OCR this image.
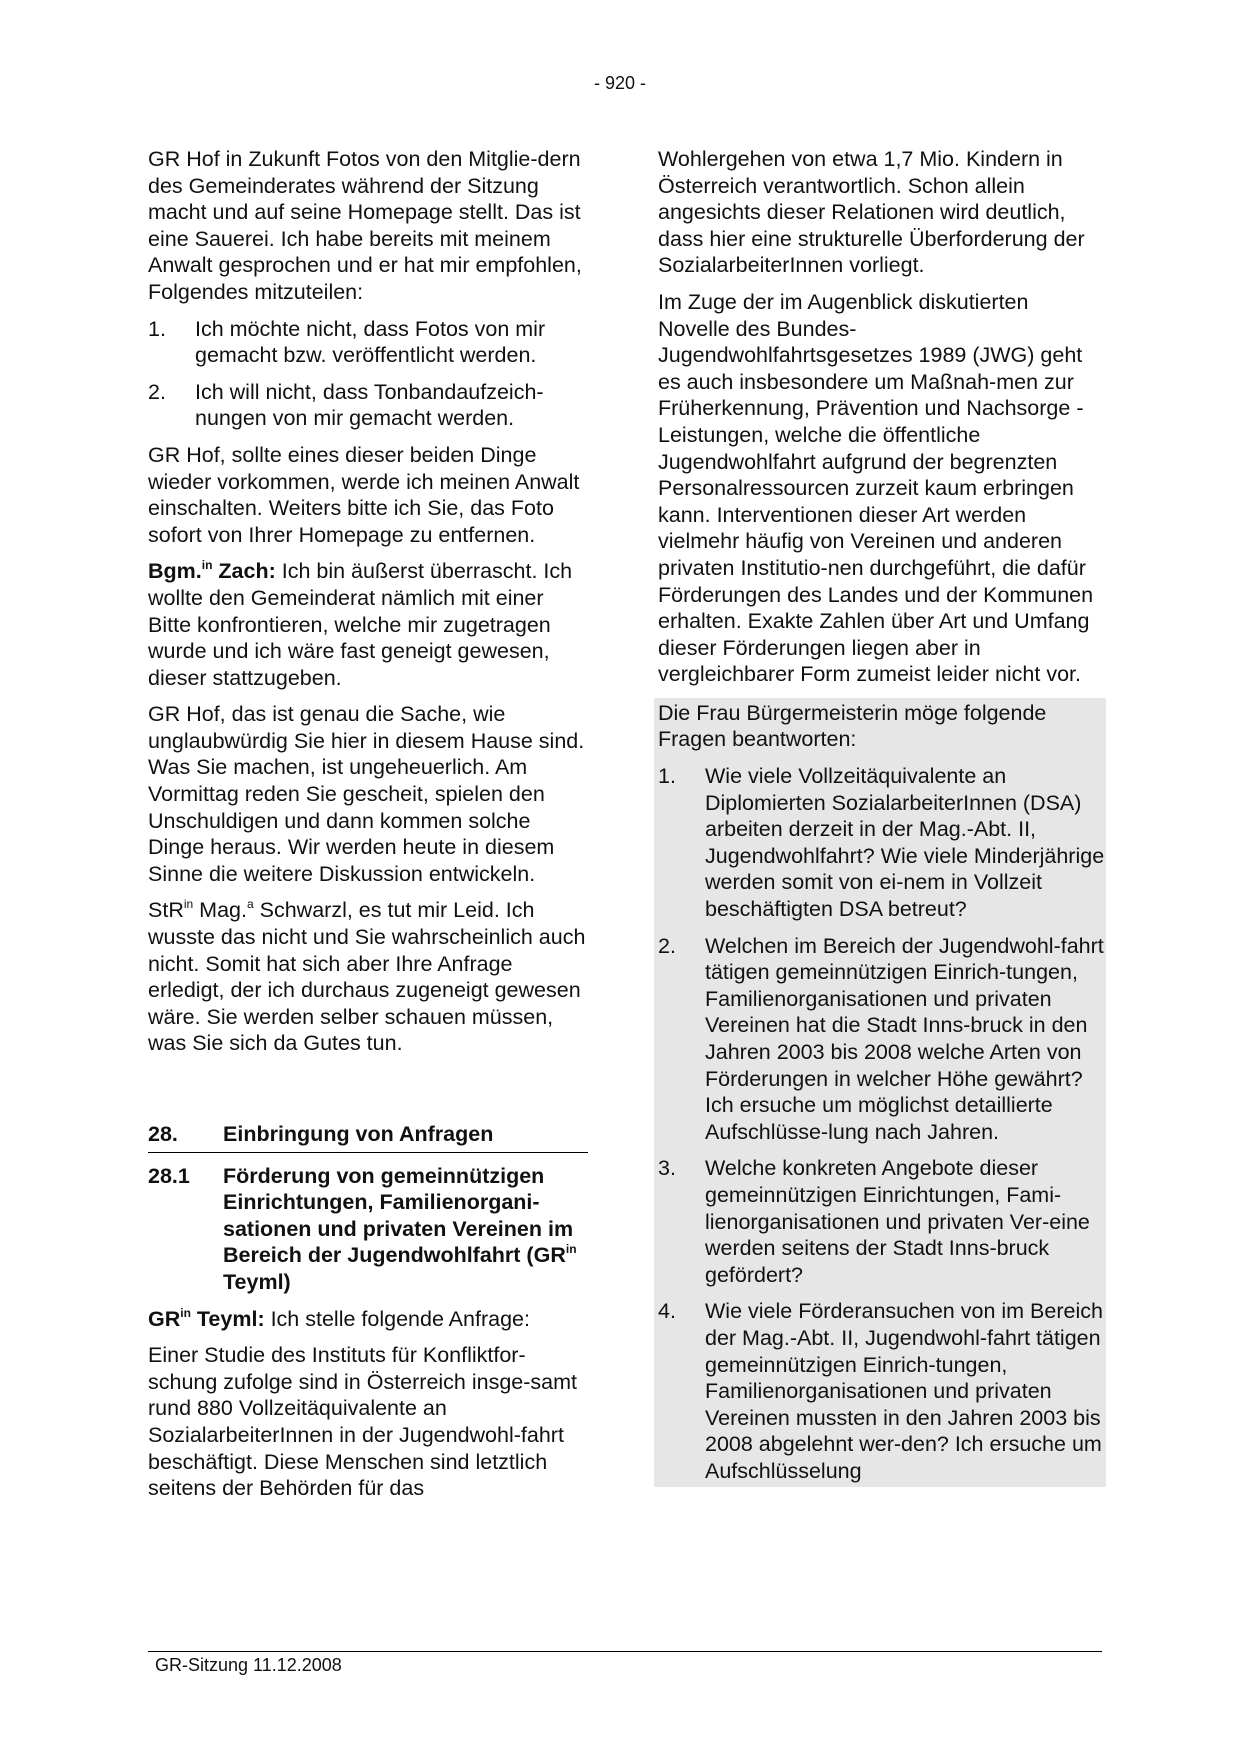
- 920 -

GR Hof in Zukunft Fotos von den Mitglie-dern des Gemeinderates während der Sitzung macht und auf seine Homepage stellt. Das ist eine Sauerei. Ich habe bereits mit meinem Anwalt gesprochen und er hat mir empfohlen, Folgendes mitzuteilen:

1.	Ich möchte nicht, dass Fotos von mir gemacht bzw. veröffentlicht werden.
2.	Ich will nicht, dass Tonbandaufzeich-nungen von mir gemacht werden.

GR Hof, sollte eines dieser beiden Dinge wieder vorkommen, werde ich meinen Anwalt einschalten. Weiters bitte ich Sie, das Foto sofort von Ihrer Homepage zu entfernen.

Bgm.$^{in}$ Zach: Ich bin äußerst überrascht. Ich wollte den Gemeinderat nämlich mit einer Bitte konfrontieren, welche mir zugetragen wurde und ich wäre fast geneigt gewesen, dieser stattzugeben.

GR Hof, das ist genau die Sache, wie unglaubwürdig Sie hier in diesem Hause sind. Was Sie machen, ist ungeheuerlich. Am Vormittag reden Sie gescheit, spielen den Unschuldigen und dann kommen solche Dinge heraus. Wir werden heute in diesem Sinne die weitere Diskussion entwickeln.

StR$^{in}$ Mag.$^a$ Schwarzl, es tut mir Leid. Ich wusste das nicht und Sie wahrscheinlich auch nicht. Somit hat sich aber Ihre Anfrage erledigt, der ich durchaus zugeneigt gewesen wäre. Sie werden selber schauen müssen, was Sie sich da Gutes tun.

28.	Einbringung von Anfragen
28.1	Förderung von gemeinnützigen Einrichtungen, Familienorgani-sationen und privaten Vereinen im Bereich der Jugendwohlfahrt ($GR^{in}$ Teyml)

$GR^{in}$ Teyml: Ich stelle folgende Anfrage:

Einer Studie des Instituts für Konfliktfor-schung zufolge sind in Österreich insge-samt rund 880 Vollzeitäquivalente an SozialarbeiterInnen in der Jugendwohl-fahrt beschäftigt. Diese Menschen sind letztlich seitens der Behörden für das

Wohlergehen von etwa 1,7 Mio. Kindern in Österreich verantwortlich. Schon allein angesichts dieser Relationen wird deutlich, dass hier eine strukturelle Überforderung der SozialarbeiterInnen vorliegt.

Im Zuge der im Augenblick diskutierten Novelle des Bundes-Jugendwohlfahrtsgesetzes 1989 (JWG) geht es auch insbesondere um Maßnah-men zur Früherkennung, Prävention und Nachsorge - Leistungen, welche die öffentliche Jugendwohlfahrt aufgrund der begrenzten Personalressourcen zurzeit kaum erbringen kann. Interventionen dieser Art werden vielmehr häufig von Vereinen und anderen privaten Institutio-nen durchgeführt, die dafür Förderungen des Landes und der Kommunen erhalten. Exakte Zahlen über Art und Umfang dieser Förderungen liegen aber in vergleichbarer Form zumeist leider nicht vor.

Die Frau Bürgermeisterin möge folgende Fragen beantworten:

1.	Wie viele Vollzeitäquivalente an Diplomierten SozialarbeiterInnen (DSA) arbeiten derzeit in der Mag.-Abt. II, Jugendwohlfahrt? Wie viele Minderjährige werden somit von ei-nem in Vollzeit beschäftigten DSA betreut?
2.	Welchen im Bereich der Jugendwohl-fahrt tätigen gemeinnützigen Einrich-tungen, Familienorganisationen und privaten Vereinen hat die Stadt Inns-bruck in den Jahren 2003 bis 2008 welche Arten von Förderungen in welcher Höhe gewährt? Ich ersuche um möglichst detaillierte Aufschlüsse-lung nach Jahren.
3.	Welche konkreten Angebote dieser gemeinnützigen Einrichtungen, Fami-lienorganisationen und privaten Ver-eine werden seitens der Stadt Inns-bruck gefördert?
4.	Wie viele Förderansuchen von im Bereich der Mag.-Abt. II, Jugendwohl-fahrt tätigen gemeinnützigen Einrich-tungen, Familienorganisationen und privaten Vereinen mussten in den Jahren 2003 bis 2008 abgelehnt wer-den? Ich ersuche um Aufschlüsselung
GR-Sitzung 11.12.2008
